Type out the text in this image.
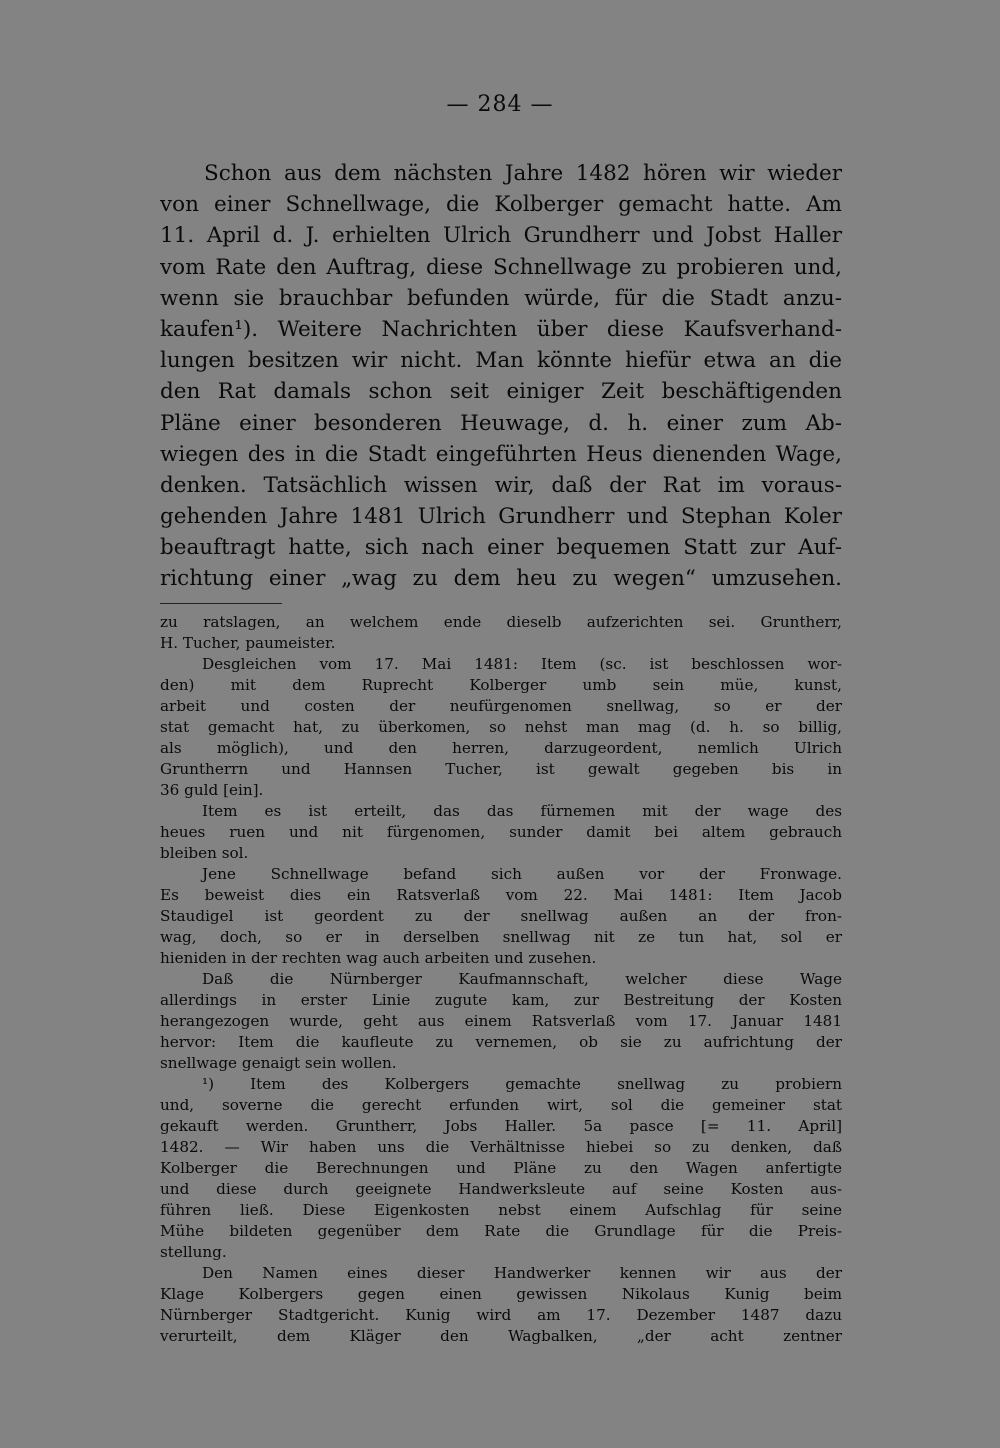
— 284 —
Schon aus dem nächsten Jahre 1482 hören wir wieder
von einer Schnellwage, die Kolberger gemacht hatte. Am
11. April d. J. erhielten Ulrich Grundherr und Jobst Haller
vom Rate den Auftrag, diese Schnellwage zu probieren und,
wenn sie brauchbar befunden würde, für die Stadt anzu-
kaufen¹). Weitere Nachrichten über diese Kaufsverhand-
lungen besitzen wir nicht. Man könnte hiefür etwa an die
den Rat damals schon seit einiger Zeit beschäftigenden
Pläne einer besonderen Heuwage, d. h. einer zum Ab-
wiegen des in die Stadt eingeführten Heus dienenden Wage,
denken. Tatsächlich wissen wir, daß der Rat im voraus-
gehenden Jahre 1481 Ulrich Grundherr und Stephan Koler
beauftragt hatte, sich nach einer bequemen Statt zur Auf-
richtung einer „wag zu dem heu zu wegen“ umzusehen.
zu ratslagen, an welchem ende dieselb aufzerichten sei. Gruntherr,
H. Tucher, paumeister.
Desgleichen vom 17. Mai 1481: Item (sc. ist beschlossen wor-
den) mit dem Ruprecht Kolberger umb sein müe, kunst,
arbeit und costen der neufürgenomen snellwag, so er der
stat gemacht hat, zu überkomen, so nehst man mag (d. h. so billig,
als möglich), und den herren, darzugeordent, nemlich Ulrich
Gruntherrn und Hannsen Tucher, ist gewalt gegeben bis in
36 guld [ein].
Item es ist erteilt, das das fürnemen mit der wage des
heues ruen und nit fürgenomen, sunder damit bei altem gebrauch
bleiben sol.
Jene Schnellwage befand sich außen vor der Fronwage.
Es beweist dies ein Ratsverlaß vom 22. Mai 1481: Item Jacob
Staudigel ist geordent zu der snellwag außen an der fron-
wag, doch, so er in derselben snellwag nit ze tun hat, sol er
hieniden in der rechten wag auch arbeiten und zusehen.
Daß die Nürnberger Kaufmannschaft, welcher diese Wage
allerdings in erster Linie zugute kam, zur Bestreitung der Kosten
herangezogen wurde, geht aus einem Ratsverlaß vom 17. Januar 1481
hervor: Item die kaufleute zu vernemen, ob sie zu aufrichtung der
snellwage genaigt sein wollen.
¹) Item des Kolbergers gemachte snellwag zu probiern
und, soverne die gerecht erfunden wirt, sol die gemeiner stat
gekauft werden. Gruntherr, Jobs Haller. 5a pasce [= 11. April]
1482. — Wir haben uns die Verhältnisse hiebei so zu denken, daß
Kolberger die Berechnungen und Pläne zu den Wagen anfertigte
und diese durch geeignete Handwerksleute auf seine Kosten aus-
führen ließ. Diese Eigenkosten nebst einem Aufschlag für seine
Mühe bildeten gegenüber dem Rate die Grundlage für die Preis-
stellung.
Den Namen eines dieser Handwerker kennen wir aus der
Klage Kolbergers gegen einen gewissen Nikolaus Kunig beim
Nürnberger Stadtgericht. Kunig wird am 17. Dezember 1487 dazu
verurteilt, dem Kläger den Wagbalken, „der acht zentner
